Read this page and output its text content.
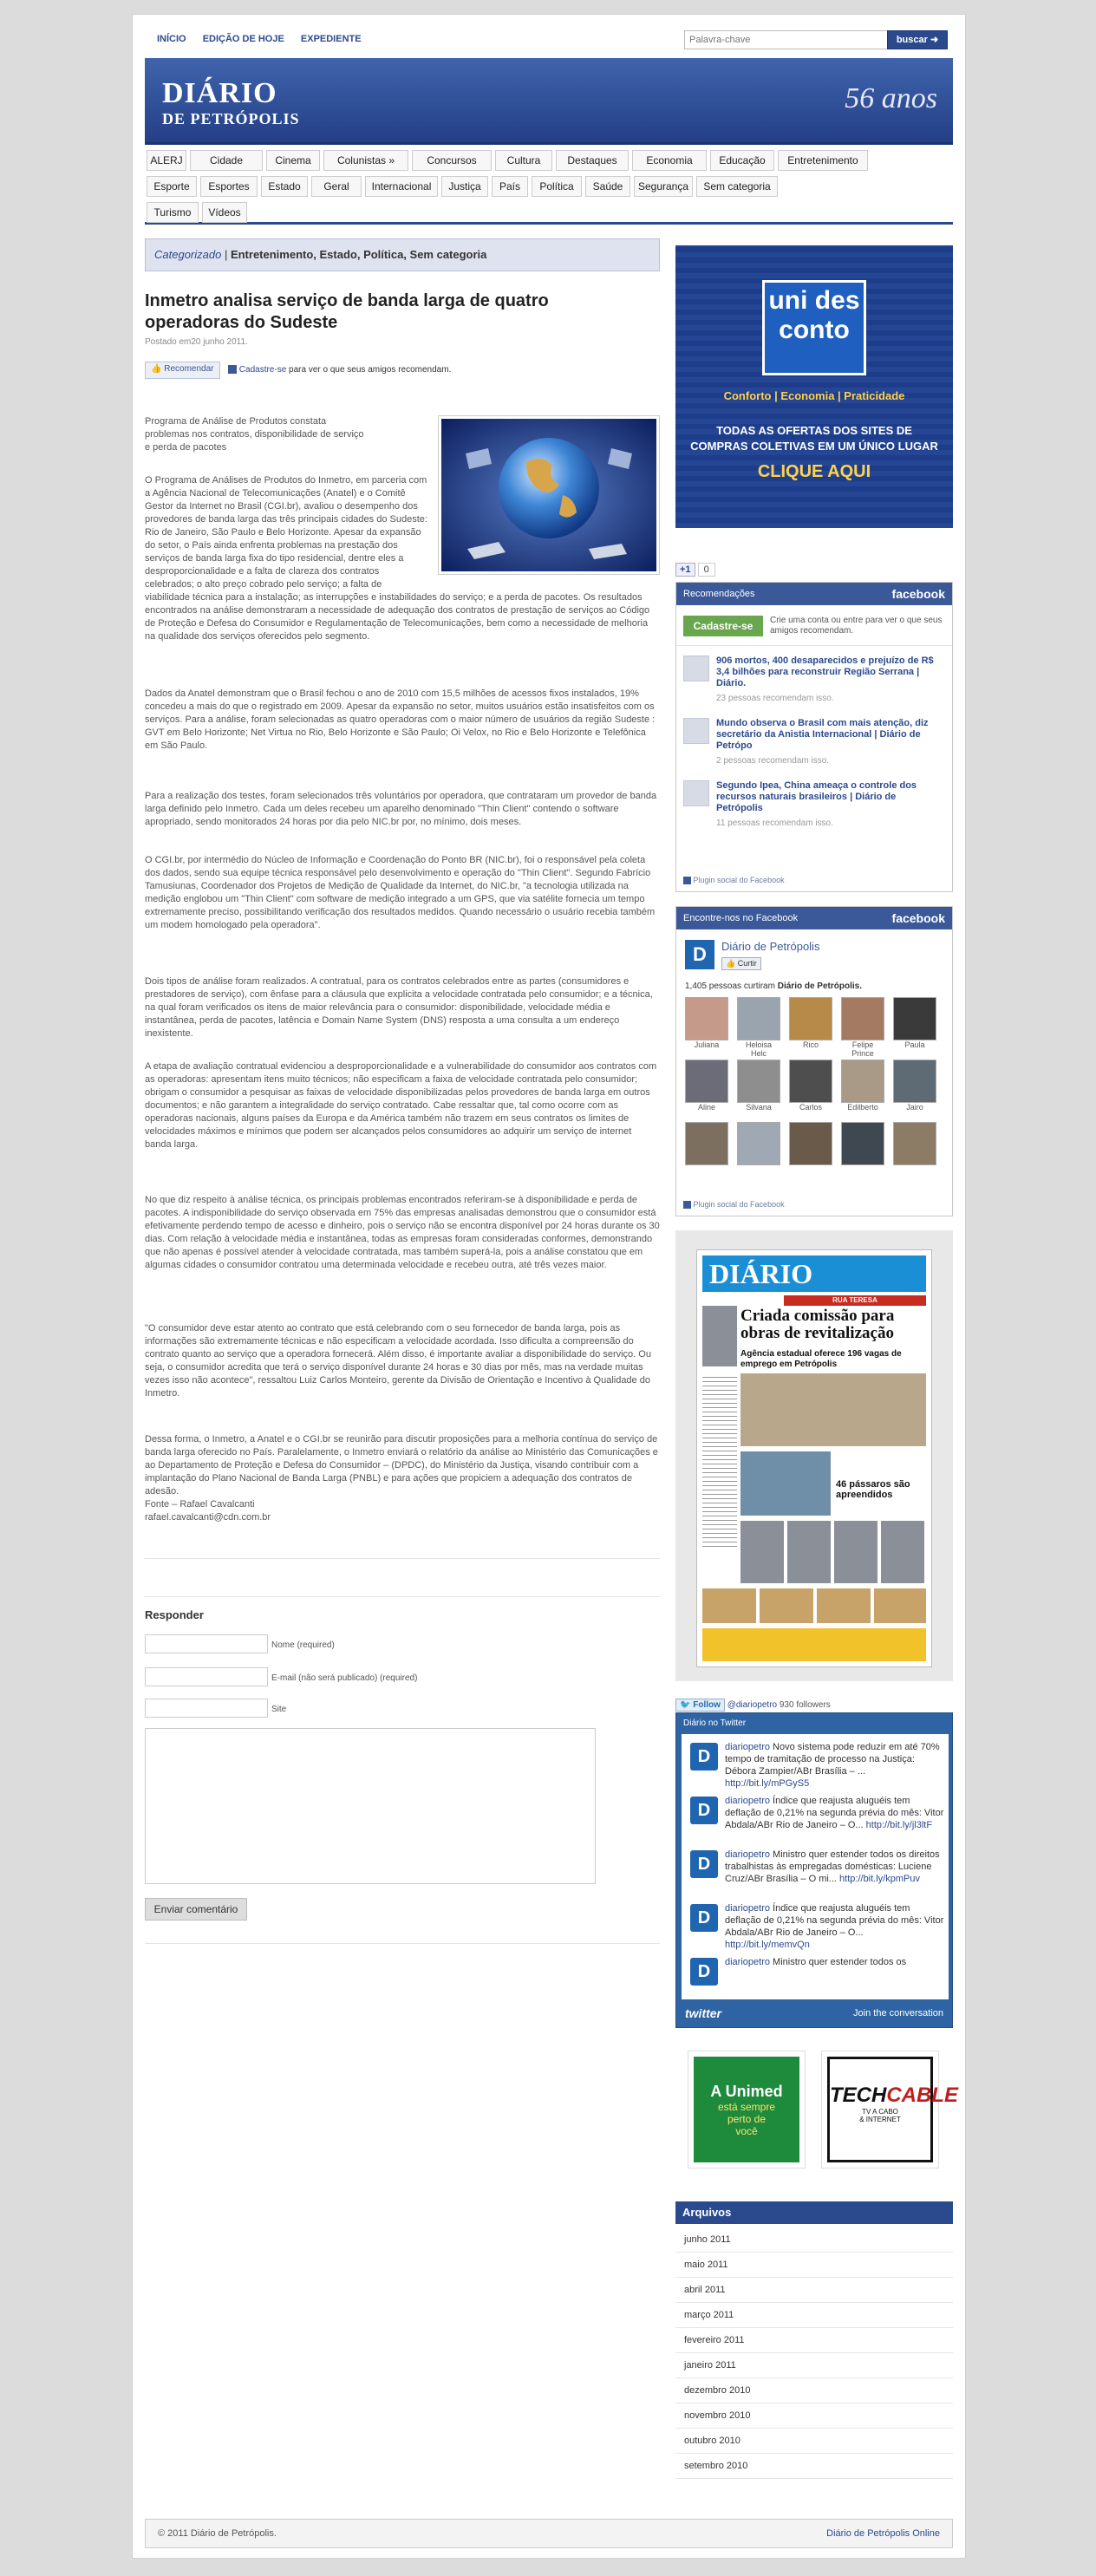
INÍCIO EDIÇÃO DE HOJE EXPEDIENTE
Palavra-chave	buscar ➜
DIÁRIO
DE PETRÓPOLIS
56 anos
ALERJ	Cidade	Cinema	Colunistas »	Concursos	Cultura	Destaques	Economia	Educação	Entretenimento
Esporte	Esportes	Estado	Geral	Internacional	Justiça	País	Política	Saúde	Segurança	Sem categoria
Turismo	Vídeos
Categorizado | Entretenimento, Estado, Política, Sem categoria
Inmetro analisa serviço de banda larga de quatro operadoras do Sudeste
Postado em20 junho 2011.
👍 Recomendar	Cadastre-se para ver o que seus amigos recomendam.
Programa de Análise de Produtos constata problemas nos contratos, disponibilidade de serviço e perda de pacotes
O Programa de Análises de Produtos do Inmetro, em parceria com a Agência Nacional de Telecomunicações (Anatel) e o Comitê Gestor da Internet no Brasil (CGI.br), avaliou o desempenho dos provedores de banda larga das três principais cidades do Sudeste: Rio de Janeiro, São Paulo e Belo Horizonte. Apesar da expansão do setor, o País ainda enfrenta problemas na prestação dos serviços de banda larga fixa do tipo residencial, dentre eles a desproporcionalidade e a falta de clareza dos contratos celebrados; o alto preço cobrado pelo serviço; a falta de viabilidade técnica para a instalação; as interrupções e instabilidades do serviço; e a perda de pacotes. Os resultados encontrados na análise demonstraram a necessidade de adequação dos contratos de prestação de serviços ao Código de Proteção e Defesa do Consumidor e Regulamentação de Telecomunicações, bem como a necessidade de melhoria na qualidade dos serviços oferecidos pelo segmento.
Dados da Anatel demonstram que o Brasil fechou o ano de 2010 com 15,5 milhões de acessos fixos instalados, 19% concedeu a mais do que o registrado em 2009. Apesar da expansão no setor, muitos usuários estão insatisfeitos com os serviços. Para a análise, foram selecionadas as quatro operadoras com o maior número de usuários da região Sudeste : GVT em Belo Horizonte; Net Virtua no Rio, Belo Horizonte e São Paulo; Oi Velox, no Rio e Belo Horizonte e Telefônica em São Paulo.
Para a realização dos testes, foram selecionados três voluntários por operadora, que contrataram um provedor de banda larga definido pelo Inmetro. Cada um deles recebeu um aparelho denominado "Thin Client" contendo o software apropriado, sendo monitorados 24 horas por dia pelo NIC.br por, no mínimo, dois meses.
O CGI.br, por intermédio do Núcleo de Informação e Coordenação do Ponto BR (NIC.br), foi o responsável pela coleta dos dados, sendo sua equipe técnica responsável pelo desenvolvimento e operação do "Thin Client". Segundo Fabrício Tamusiunas, Coordenador dos Projetos de Medição de Qualidade da Internet, do NIC.br, "a tecnologia utilizada na medição englobou um "Thin Client" com software de medição integrado a um GPS, que via satélite fornecia um tempo extremamente preciso, possibilitando verificação dos resultados medidos. Quando necessário o usuário recebia também um modem homologado pela operadora".
Dois tipos de análise foram realizados. A contratual, para os contratos celebrados entre as partes (consumidores e prestadores de serviço), com ênfase para a cláusula que explicita a velocidade contratada pelo consumidor; e a técnica, na qual foram verificados os itens de maior relevância para o consumidor: disponibilidade, velocidade média e instantânea, perda de pacotes, latência e Domain Name System (DNS) resposta a uma consulta a um endereço inexistente.
A etapa de avaliação contratual evidenciou a desproporcionalidade e a vulnerabilidade do consumidor aos contratos com as operadoras: apresentam itens muito técnicos; não especificam a faixa de velocidade contratada pelo consumidor; obrigam o consumidor a pesquisar as faixas de velocidade disponibilizadas pelos provedores de banda larga em outros documentos; e não garantem a integralidade do serviço contratado. Cabe ressaltar que, tal como ocorre com as operadoras nacionais, alguns países da Europa e da América também não trazem em seus contratos os limites de velocidades máximos e mínimos que podem ser alcançados pelos consumidores ao adquirir um serviço de internet banda larga.
No que diz respeito à análise técnica, os principais problemas encontrados referiram-se à disponibilidade e perda de pacotes. A indisponibilidade do serviço observada em 75% das empresas analisadas demonstrou que o consumidor está efetivamente perdendo tempo de acesso e dinheiro, pois o serviço não se encontra disponível por 24 horas durante os 30 dias. Com relação à velocidade média e instantânea, todas as empresas foram consideradas conformes, demonstrando que não apenas é possível atender à velocidade contratada, mas também superá-la, pois a análise constatou que em algumas cidades o consumidor contratou uma determinada velocidade e recebeu outra, até três vezes maior.
"O consumidor deve estar atento ao contrato que está celebrando com o seu fornecedor de banda larga, pois as informações são extremamente técnicas e não especificam a velocidade acordada. Isso dificulta a compreensão do contrato quanto ao serviço que a operadora fornecerá. Além disso, é importante avaliar a disponibilidade do serviço. Ou seja, o consumidor acredita que terá o serviço disponível durante 24 horas e 30 dias por mês, mas na verdade muitas vezes isso não acontece", ressaltou Luiz Carlos Monteiro, gerente da Divisão de Orientação e Incentivo à Qualidade do Inmetro.
Dessa forma, o Inmetro, a Anatel e o CGI.br se reunirão para discutir proposições para a melhoria contínua do serviço de banda larga oferecido no País. Paralelamente, o Inmetro enviará o relatório da análise ao Ministério das Comunicações e ao Departamento de Proteção e Defesa do Consumidor – (DPDC), do Ministério da Justiça, visando contribuir com a implantação do Plano Nacional de Banda Larga (PNBL) e para ações que propiciem a adequação dos contratos de adesão.
Fonte – Rafael Cavalcanti
rafael.cavalcanti@cdn.com.br
Responder
Nome (required)
E-mail (não será publicado) (required)
Site
Enviar comentário
uni des conto
Conforto | Economia | Praticidade
TODAS AS OFERTAS DOS SITES DE
COMPRAS COLETIVAS EM UM ÚNICO LUGAR
CLIQUE AQUI
+1 0
Recomendações	facebook
Cadastre-se	Crie uma conta ou entre para ver o que seus amigos recomendam.
906 mortos, 400 desaparecidos e prejuízo de R$ 3,4 bilhões para reconstruir Região Serrana | Diário.
23 pessoas recomendam isso.
Mundo observa o Brasil com mais atenção, diz secretário da Anistia Internacional | Diário de Petrópo
2 pessoas recomendam isso.
Segundo Ipea, China ameaça o controle dos recursos naturais brasileiros | Diário de Petrópolis
11 pessoas recomendam isso.
Plugin social do Facebook
Encontre-nos no Facebook	facebook
D	Diário de Petrópolis
👍 Curtir
1,405 pessoas curtiram Diário de Petrópolis.
Juliana	Heloisa Helc
Rico	Felipe Prince
Paula
Aline	Silvana	Carlos	Edilberto	Jairo
Plugin social do Facebook
DIÁRIO
RUA TERESA
Criada comissão para obras de revitalização
Agência estadual oferece 196 vagas de emprego em Petrópolis
46 pássaros são apreendidos
🐦 Follow @diariopetro 930 followers
Diário no Twitter
D	diariopetro Novo sistema pode reduzir em até 70% tempo de tramitação de processo na Justiça: Débora Zampier/ABr Brasília – ... http://bit.ly/mPGyS5
D	diariopetro Índice que reajusta aluguéis tem deflação de 0,21% na segunda prévia do mês: Vitor Abdala/ABr Rio de Janeiro – O... http://bit.ly/jl3ltF
D	diariopetro Ministro quer estender todos os direitos trabalhistas às empregadas domésticas: Luciene Cruz/ABr Brasília – O mi... http://bit.ly/kpmPuv
D	diariopetro Índice que reajusta aluguéis tem deflação de 0,21% na segunda prévia do mês: Vitor Abdala/ABr Rio de Janeiro – O... http://bit.ly/memvQn
D	diariopetro Ministro quer estender todos os
twitter	Join the conversation
A Unimed
está sempre
perto de
você
TECHCABLE
TV A CABO
& INTERNET
Arquivos
junho 2011
maio 2011
abril 2011
março 2011
fevereiro 2011
janeiro 2011
dezembro 2010
novembro 2010
outubro 2010
setembro 2010
© 2011 Diário de Petrópolis.	Diário de Petrópolis Online
